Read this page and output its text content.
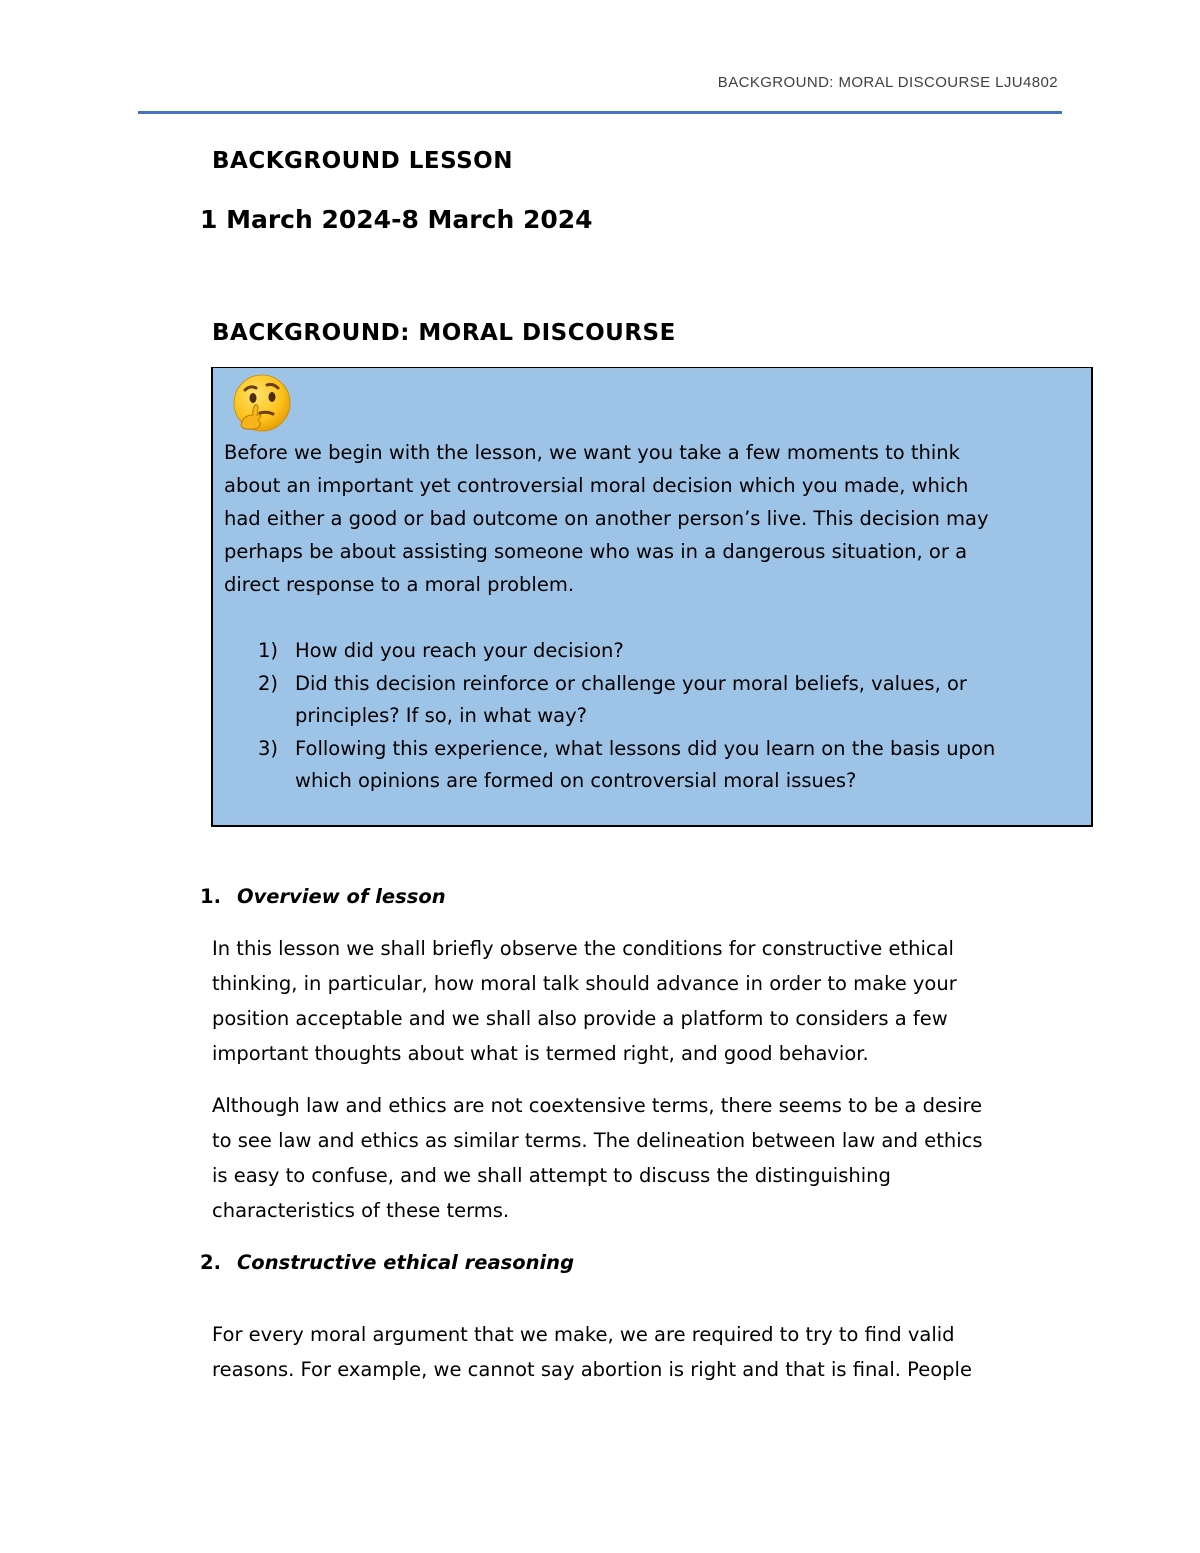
BACKGROUND: MORAL DISCOURSE LJU4802
BACKGROUND LESSON
1 March 2024-8 March 2024
BACKGROUND: MORAL DISCOURSE

Before we begin with the lesson, we want you take a few moments to think
about an important yet controversial moral decision which you made, which
had either a good or bad outcome on another person’s live. This decision may
perhaps be about assisting someone who was in a dangerous situation, or a
direct response to a moral problem.

1) How did you reach your decision?
2) Did this decision reinforce or challenge your moral beliefs, values, or
principles? If so, in what way?
3) Following this experience, what lessons did you learn on the basis upon
which opinions are formed on controversial moral issues?
1. Overview of lesson

In this lesson we shall briefly observe the conditions for constructive ethical
thinking, in particular, how moral talk should advance in order to make your
position acceptable and we shall also provide a platform to considers a few
important thoughts about what is termed right, and good behavior.

Although law and ethics are not coextensive terms, there seems to be a desire
to see law and ethics as similar terms. The delineation between law and ethics
is easy to confuse, and we shall attempt to discuss the distinguishing
characteristics of these terms.

2. Constructive ethical reasoning

For every moral argument that we make, we are required to try to find valid
reasons. For example, we cannot say abortion is right and that is final. People
